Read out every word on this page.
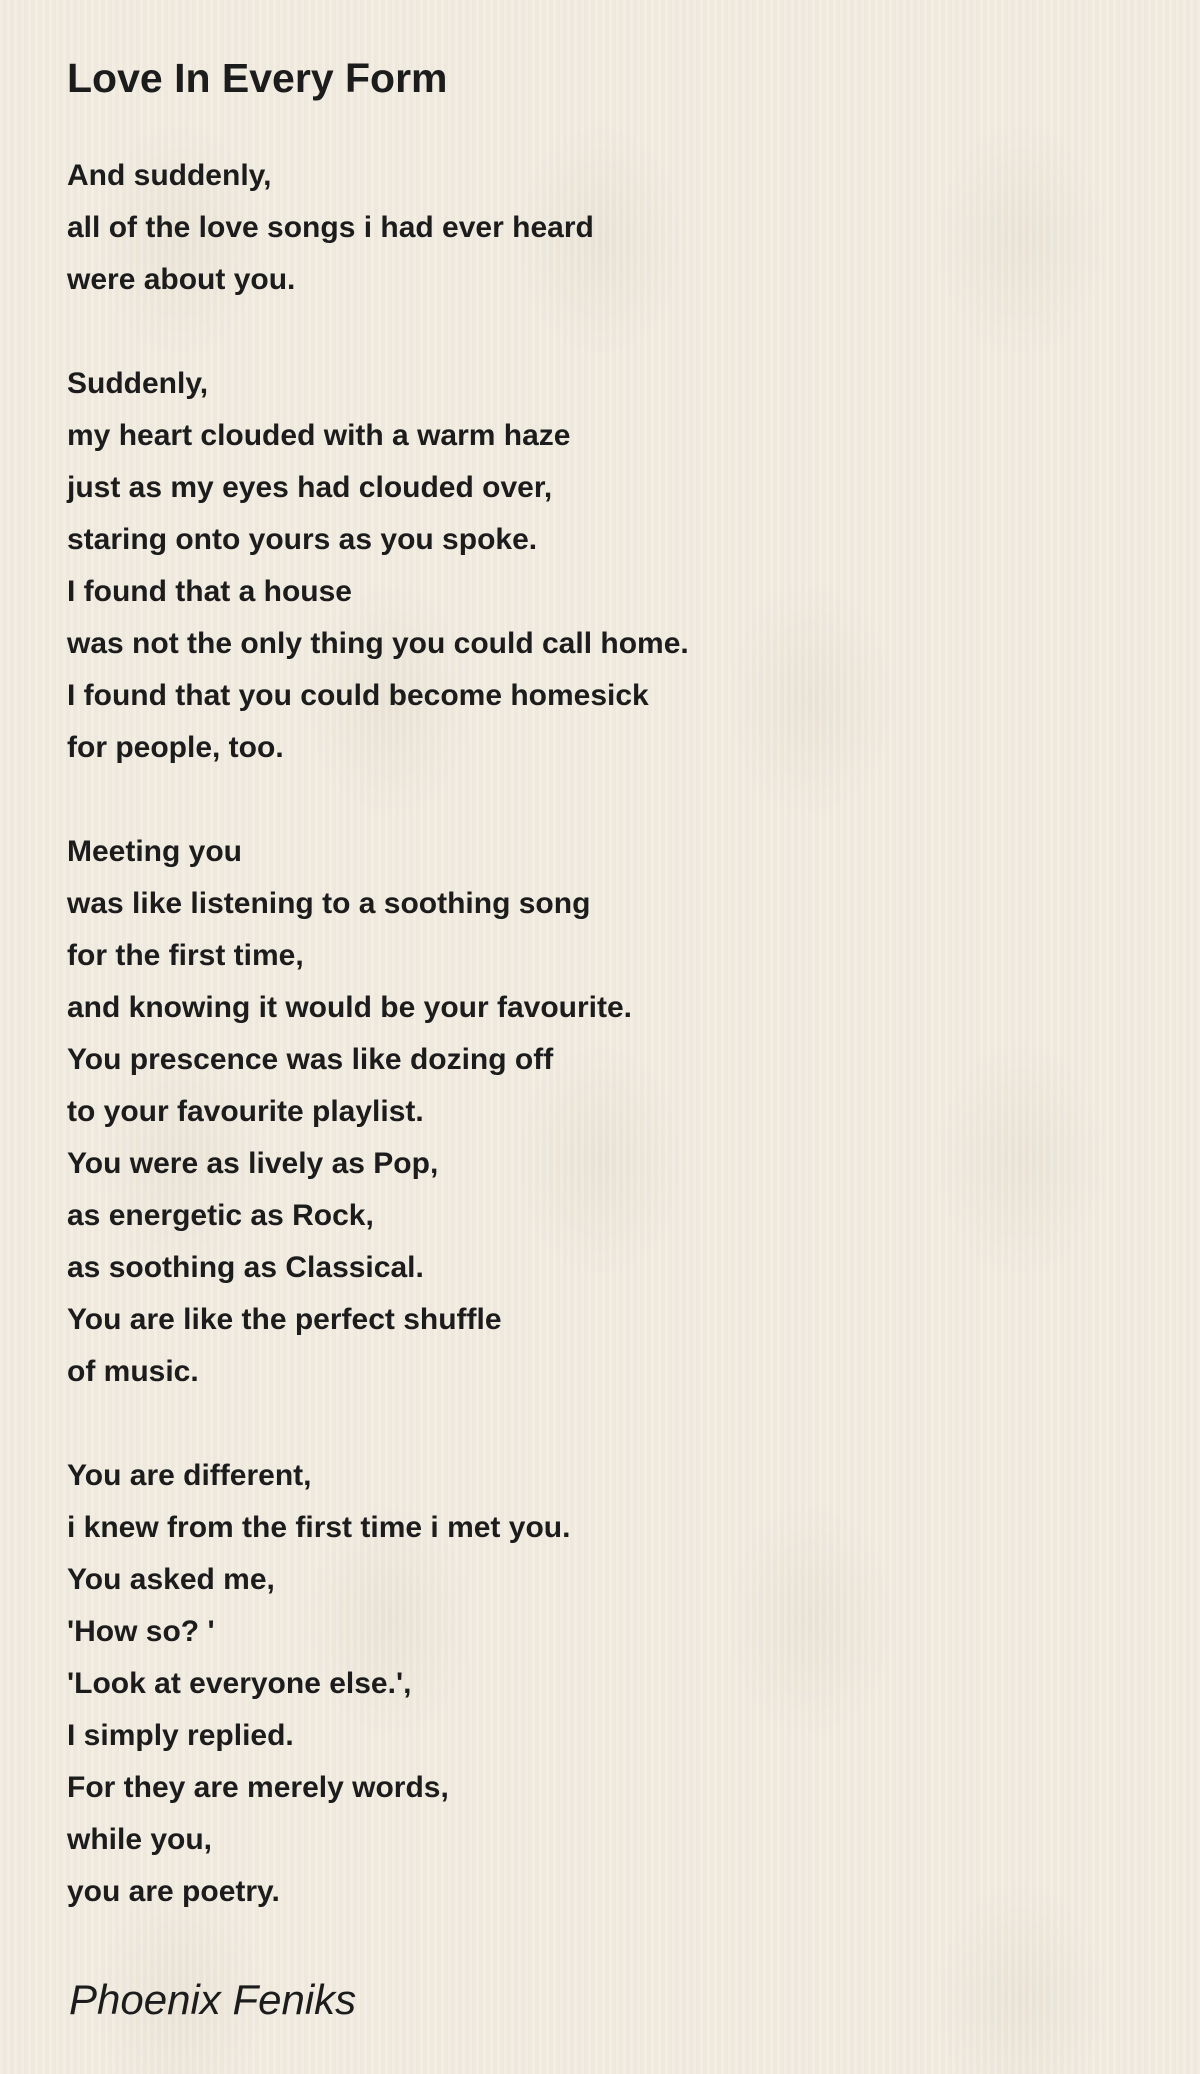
Love In Every Form
And suddenly,
all of the love songs i had ever heard
were about you.
Suddenly,
my heart clouded with a warm haze
just as my eyes had clouded over,
staring onto yours as you spoke.
I found that a house
was not the only thing you could call home.
I found that you could become homesick
for people, too.
Meeting you
was like listening to a soothing song
for the first time,
and knowing it would be your favourite.
You prescence was like dozing off
to your favourite playlist.
You were as lively as Pop,
as energetic as Rock,
as soothing as Classical.
You are like the perfect shuffle
of music.
You are different,
i knew from the first time i met you.
You asked me,
'How so? '
'Look at everyone else.',
I simply replied.
For they are merely words,
while you,
you are poetry.

Phoenix Feniks
